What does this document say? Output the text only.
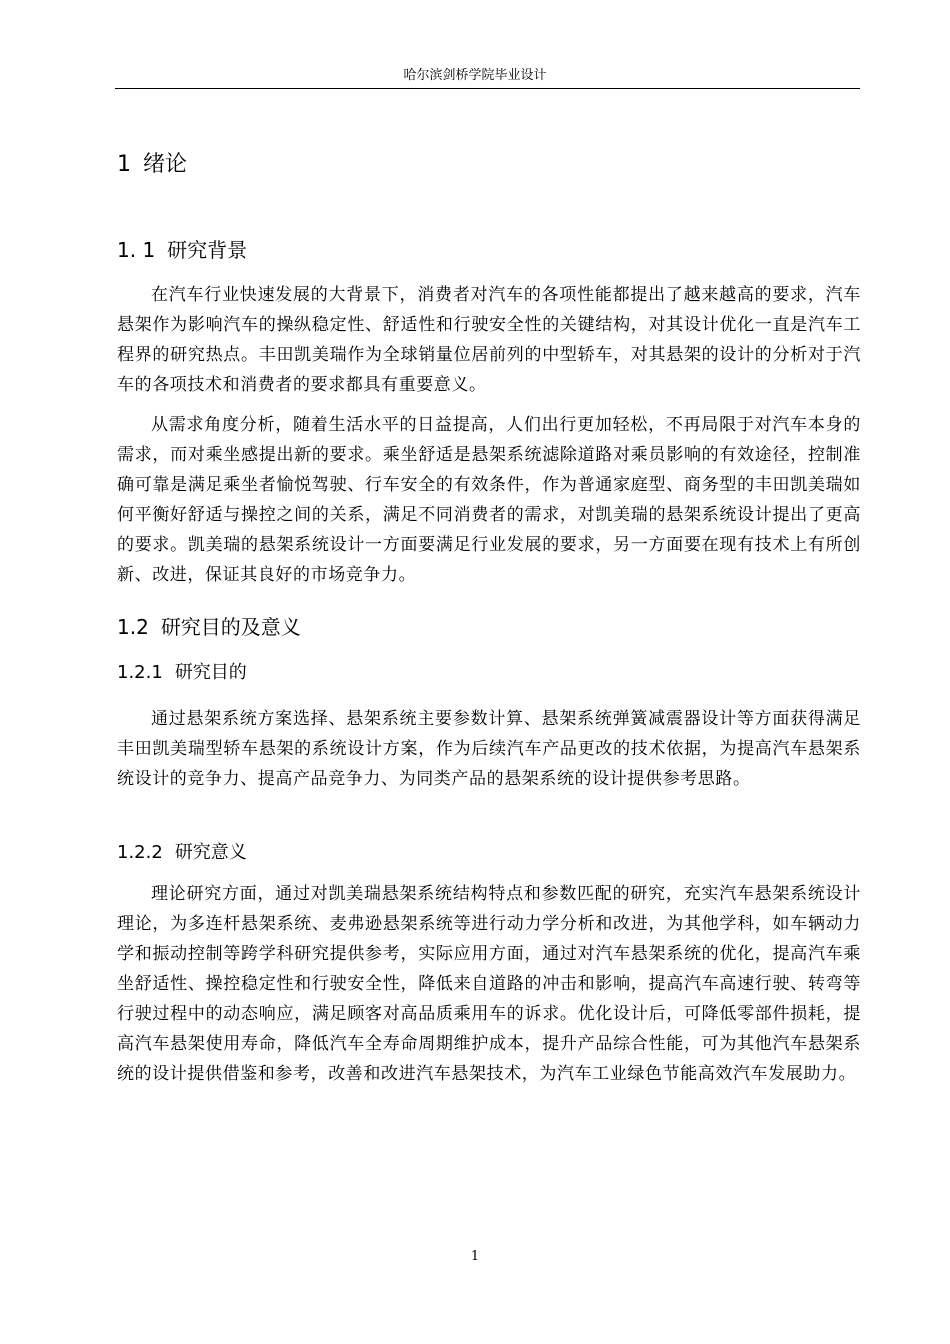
哈尔滨剑桥学院毕业设计
1 绪论
1. 1 研究背景

在汽车行业快速发展的大背景下，消费者对汽车的各项性能都提出了越来越高的要求，汽车悬架作为影响汽车的操纵稳定性、舒适性和行驶安全性的关键结构，对其设计优化一直是汽车工程界的研究热点。丰田凯美瑞作为全球销量位居前列的中型轿车，对其悬架的设计的分析对于汽车的各项技术和消费者的要求都具有重要意义。

从需求角度分析，随着生活水平的日益提高，人们出行更加轻松，不再局限于对汽车本身的需求，而对乘坐感提出新的要求。乘坐舒适是悬架系统滤除道路对乘员影响的有效途径，控制准确可靠是满足乘坐者愉悦驾驶、行车安全的有效条件，作为普通家庭型、商务型的丰田凯美瑞如何平衡好舒适与操控之间的关系，满足不同消费者的需求，对凯美瑞的悬架系统设计提出了更高的要求。凯美瑞的悬架系统设计一方面要满足行业发展的要求，另一方面要在现有技术上有所创新、改进，保证其良好的市场竞争力。

1.2 研究目的及意义
1.2.1 研究目的

通过悬架系统方案选择、悬架系统主要参数计算、悬架系统弹簧减震器设计等方面获得满足丰田凯美瑞型轿车悬架的系统设计方案，作为后续汽车产品更改的技术依据，为提高汽车悬架系统设计的竞争力、提高产品竞争力、为同类产品的悬架系统的设计提供参考思路。

1.2.2 研究意义

理论研究方面，通过对凯美瑞悬架系统结构特点和参数匹配的研究，充实汽车悬架系统设计理论，为多连杆悬架系统、麦弗逊悬架系统等进行动力学分析和改进，为其他学科，如车辆动力学和振动控制等跨学科研究提供参考，实际应用方面，通过对汽车悬架系统的优化，提高汽车乘坐舒适性、操控稳定性和行驶安全性，降低来自道路的冲击和影响，提高汽车高速行驶、转弯等行驶过程中的动态响应，满足顾客对高品质乘用车的诉求。优化设计后，可降低零部件损耗，提高汽车悬架使用寿命，降低汽车全寿命周期维护成本，提升产品综合性能，可为其他汽车悬架系统的设计提供借鉴和参考，改善和改进汽车悬架技术，为汽车工业绿色节能高效汽车发展助力。

1
